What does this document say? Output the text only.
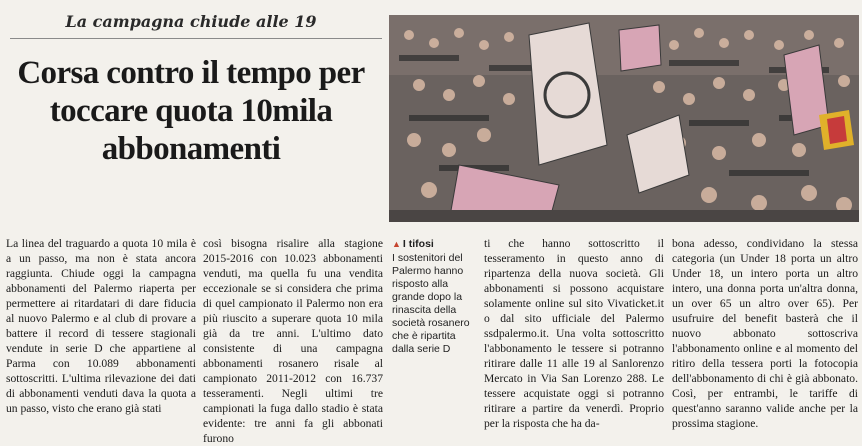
La campagna chiude alle 19
Corsa contro il tempo per toccare quota 10mila abbonamenti
▲ I tifosi
I sostenitori del Palermo hanno risposto alla grande dopo la rinascita della società rosanero che è ripartita dalla serie D
La linea del traguardo a quota 10 mila è a un passo, ma non è stata ancora raggiunta. Chiude oggi la campagna abbonamenti del Palermo riaperta per permettere ai ritardatari di dare fiducia al nuovo Palermo e al club di provare a battere il record di tessere stagionali vendute in serie D che appartiene al Parma con 10.089 abbonamenti sottoscritti. L'ultima rilevazione dei dati di abbonamenti venduti dava la quota a un passo, visto che erano già stati
così bisogna risalire alla stagione 2015-2016 con 10.023 abbonamenti venduti, ma quella fu una vendita eccezionale se si considera che prima di quel campionato il Palermo non era più riuscito a superare quota 10 mila già da tre anni. L'ultimo dato consistente di una campagna abbonamenti rosanero risale al campionato 2011-2012 con 16.737 tesseramenti. Negli ultimi tre campionati la fuga dallo stadio è stata evidente: tre anni fa gli abbonati furono
ti che hanno sottoscritto il tesseramento in questo anno di ripartenza della nuova società. Gli abbonamenti si possono acquistare solamente online sul sito Vivaticket.it o dal sito ufficiale del Palermo ssdpalermo.it. Una volta sottoscritto l'abbonamento le tessere si potranno ritirare dalle 11 alle 19 al Sanlorenzo Mercato in Via San Lorenzo 288. Le tessere acquistate oggi si potranno ritirare a partire da venerdì. Proprio per la risposta che ha da-
bona adesso, condividano la stessa categoria (un Under 18 porta un altro Under 18, un intero porta un altro intero, una donna porta un'altra donna, un over 65 un altro over 65). Per usufruire del benefit basterà che il nuovo abbonato sottoscriva l'abbonamento online e al momento del ritiro della tessera porti la fotocopia dell'abbonamento di chi è già abbonato. Così, per entrambi, le tariffe di quest'anno saranno valide anche per la prossima stagione.
